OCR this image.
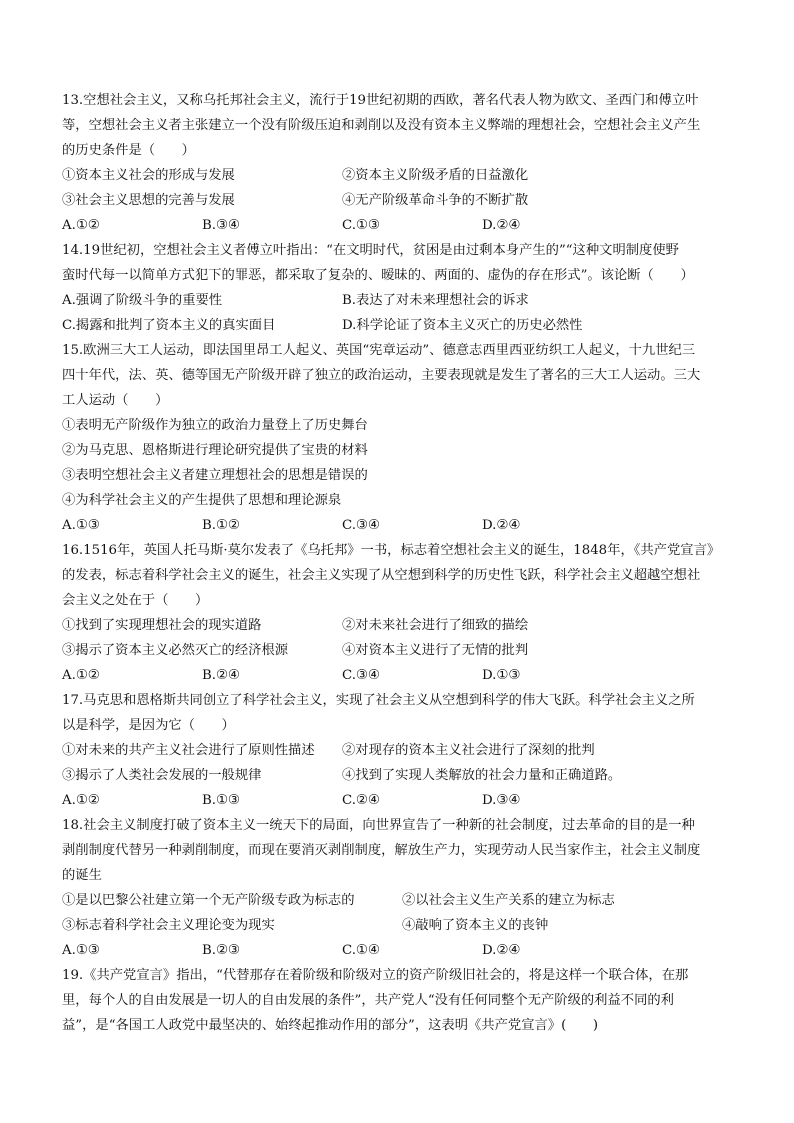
13.空想社会主义，又称乌托邦社会主义，流行于19世纪初期的西欧，著名代表人物为欧文、圣西门和傅立叶
等，空想社会主义者主张建立一个没有阶级压迫和剥削以及没有资本主义弊端的理想社会，空想社会主义产生
的历史条件是（　　）
①资本主义社会的形成与发展	②资本主义阶级矛盾的日益激化
③社会主义思想的完善与发展	④无产阶级革命斗争的不断扩散
A.①②	B.③④	C.①③	D.②④
14.19世纪初，空想社会主义者傅立叶指出：“在文明时代，贫困是由过剩本身产生的”“这种文明制度使野
蛮时代每一以简单方式犯下的罪恶，都采取了复杂的、暧昧的、两面的、虚伪的存在形式”。该论断（　　）
A.强调了阶级斗争的重要性	B.表达了对未来理想社会的诉求
C.揭露和批判了资本主义的真实面目	D.科学论证了资本主义灭亡的历史必然性
15.欧洲三大工人运动，即法国里昂工人起义、英国“宪章运动”、德意志西里西亚纺织工人起义，十九世纪三
四十年代，法、英、德等国无产阶级开辟了独立的政治运动，主要表现就是发生了著名的三大工人运动。三大
工人运动（　　）
①表明无产阶级作为独立的政治力量登上了历史舞台
②为马克思、恩格斯进行理论研究提供了宝贵的材料
③表明空想社会主义者建立理想社会的思想是错误的
④为科学社会主义的产生提供了思想和理论源泉
A.①③	B.①②	C.③④	D.②④
16.1516年，英国人托马斯·莫尔发表了《乌托邦》一书，标志着空想社会主义的诞生，1848年，《共产党宣言》
的发表，标志着科学社会主义的诞生，社会主义实现了从空想到科学的历史性飞跃，科学社会主义超越空想社
会主义之处在于（　　）
①找到了实现理想社会的现实道路	②对未来社会进行了细致的描绘
③揭示了资本主义必然灭亡的经济根源	④对资本主义进行了无情的批判
A.①②	B.②④	C.③④	D.①③
17.马克思和恩格斯共同创立了科学社会主义，实现了社会主义从空想到科学的伟大飞跃。科学社会主义之所
以是科学，是因为它（　　）
①对未来的共产主义社会进行了原则性描述	②对现存的资本主义社会进行了深刻的批判
③揭示了人类社会发展的一般规律	④找到了实现人类解放的社会力量和正确道路。
A.①②	B.①③	C.②④	D.③④
18.社会主义制度打破了资本主义一统天下的局面，向世界宣告了一种新的社会制度，过去革命的目的是一种
剥削制度代替另一种剥削制度，而现在要消灭剥削制度，解放生产力，实现劳动人民当家作主，社会主义制度
的诞生
①是以巴黎公社建立第一个无产阶级专政为标志的	②以社会主义生产关系的建立为标志
③标志着科学社会主义理论变为现实	④敲响了资本主义的丧钟
A.①③	B.②③	C.①④	D.②④
19.《共产党宣言》指出，“代替那存在着阶级和阶级对立的资产阶级旧社会的，将是这样一个联合体，在那
里，每个人的自由发展是一切人的自由发展的条件”，共产党人“没有任何同整个无产阶级的利益不同的利
益”，是“各国工人政党中最坚决的、始终起推动作用的部分”，这表明《共产党宣言》(　　)
